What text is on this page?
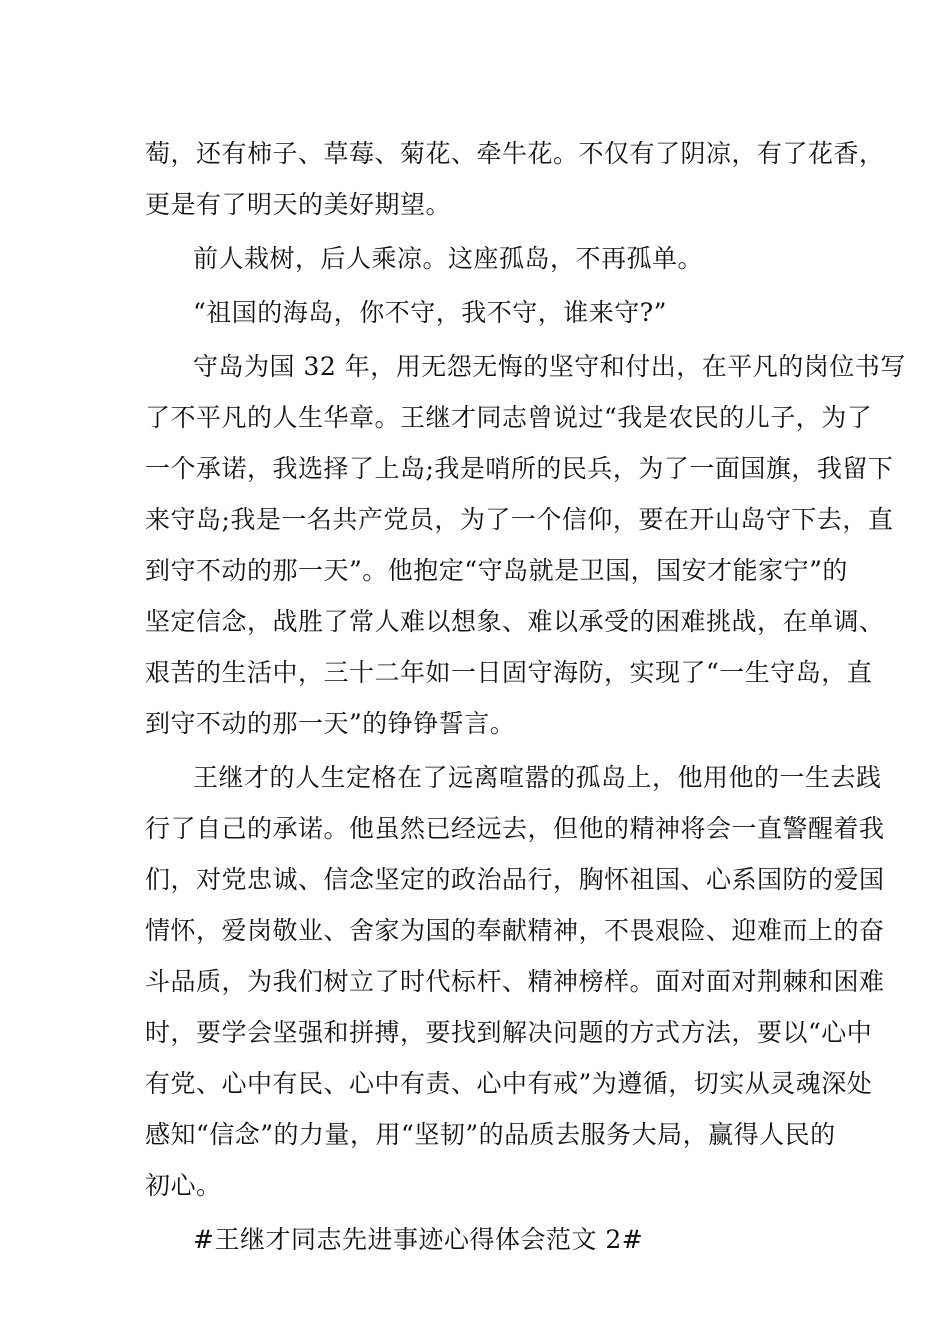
萄，还有柿子、草莓、菊花、牵牛花。不仅有了阴凉，有了花香，
更是有了明天的美好期望。
前人栽树，后人乘凉。这座孤岛，不再孤单。
“祖国的海岛，你不守，我不守，谁来守?”
守岛为国 32 年，用无怨无悔的坚守和付出，在平凡的岗位书写
了不平凡的人生华章。王继才同志曾说过“我是农民的儿子，为了
一个承诺，我选择了上岛;我是哨所的民兵，为了一面国旗，我留下
来守岛;我是一名共产党员，为了一个信仰，要在开山岛守下去，直
到守不动的那一天”。他抱定“守岛就是卫国，国安才能家宁”的
坚定信念，战胜了常人难以想象、难以承受的困难挑战，在单调、
艰苦的生活中，三十二年如一日固守海防，实现了“一生守岛，直
到守不动的那一天”的铮铮誓言。
王继才的人生定格在了远离喧嚣的孤岛上，他用他的一生去践
行了自己的承诺。他虽然已经远去，但他的精神将会一直警醒着我
们，对党忠诚、信念坚定的政治品行，胸怀祖国、心系国防的爱国
情怀，爱岗敬业、舍家为国的奉献精神，不畏艰险、迎难而上的奋
斗品质，为我们树立了时代标杆、精神榜样。面对面对荆棘和困难
时，要学会坚强和拼搏，要找到解决问题的方式方法，要以“心中
有党、心中有民、心中有责、心中有戒”为遵循，切实从灵魂深处
感知“信念”的力量，用“坚韧”的品质去服务大局，赢得人民的
初心。
#王继才同志先进事迹心得体会范文 2#
